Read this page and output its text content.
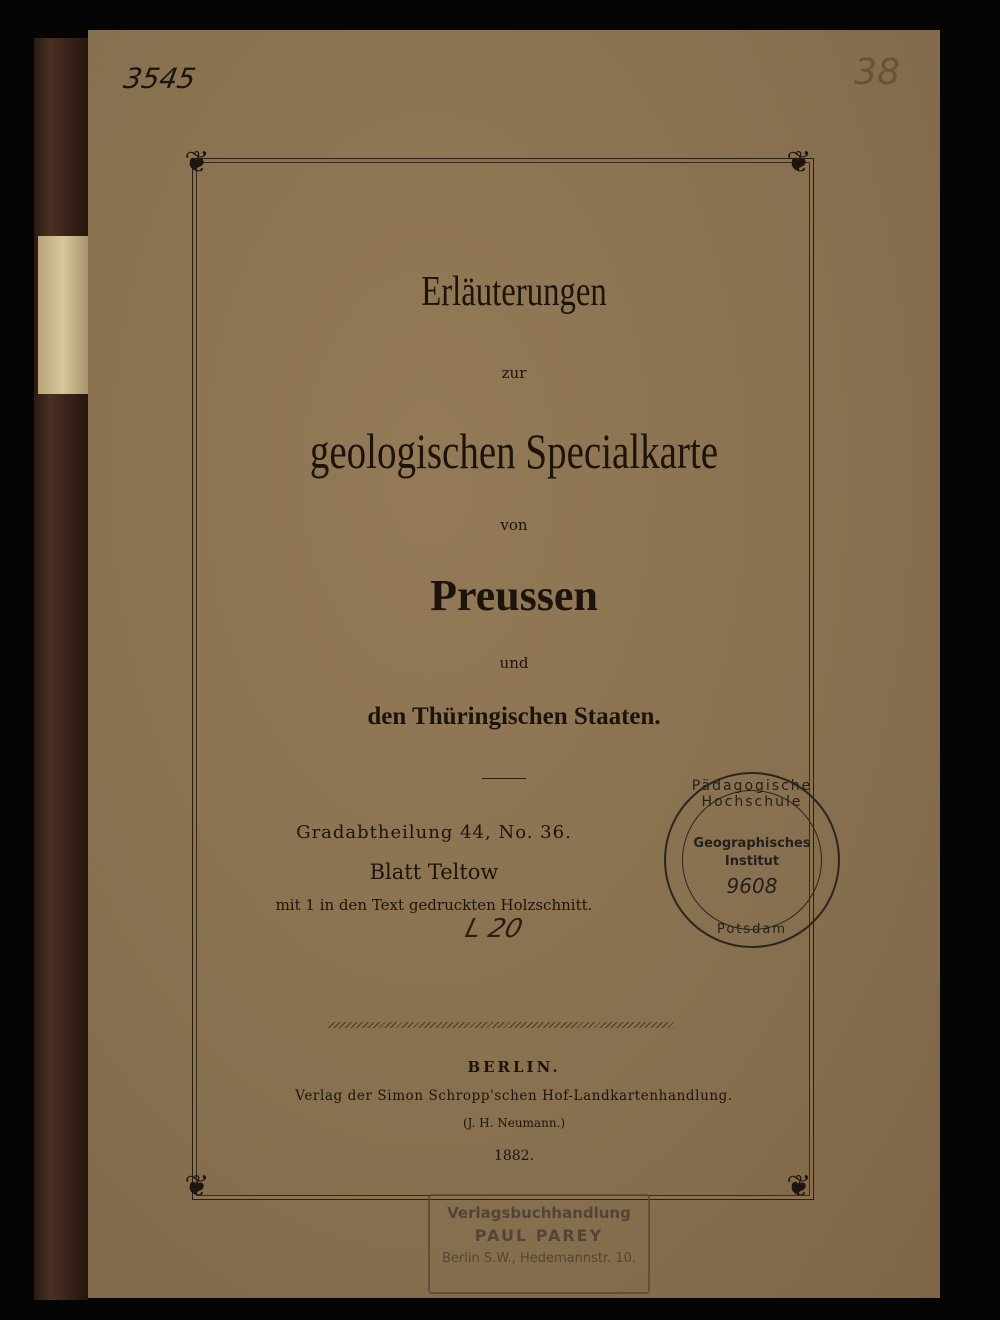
3545	38
❦	❦
❦	❦
Erläuterungen
zur
geologischen Specialkarte
von
Preussen
und
den Thüringischen Staaten.
Gradabtheilung 44, No. 36.
Blatt Teltow
mit 1 in den Text gedruckten Holzschnitt.
L 20
Pädagogische Hochschule
Geographisches
Institut
9608
Potsdam
BERLIN.
Verlag der Simon Schropp'schen Hof-Landkartenhandlung.
(J. H. Neumann.)
1882.
Verlagsbuchhandlung
PAUL PAREY
Berlin S.W., Hedemannstr. 10.
